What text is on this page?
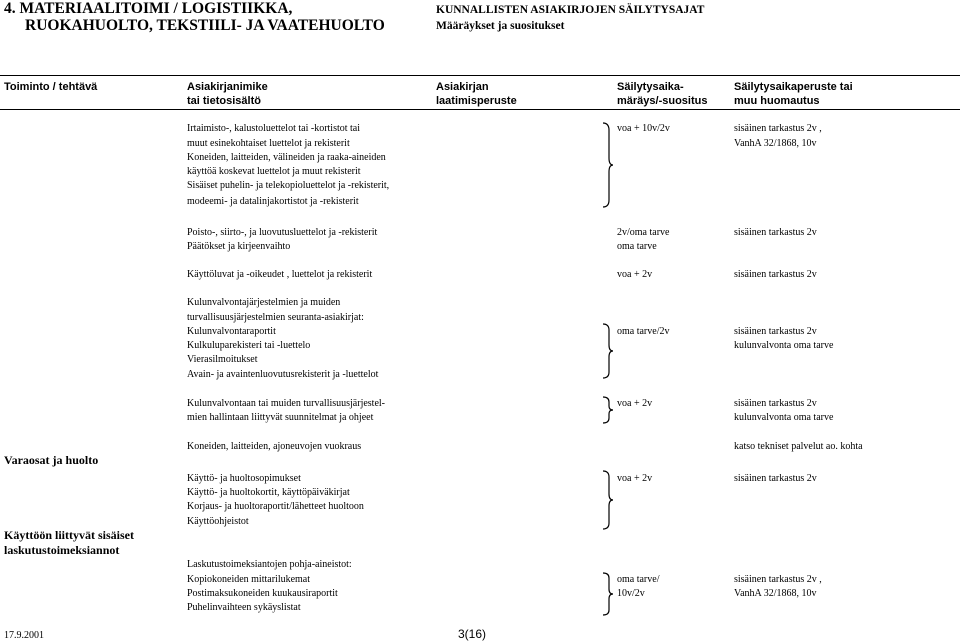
4. MATERIAALITOIMI / LOGISTIIKKA,
RUOKAHUOLTO, TEKSTIILI- JA VAATEHUOLTO
KUNNALLISTEN ASIAKIRJOJEN SÄILYTYSAJAT
Määräykset ja suositukset
Toiminto / tehtävä	Asiakirjanimike
tai tietosisältö
Asiakirjan
laatimisperuste
Säilytysaika-
märäys/-suositus
Säilytysaikaperuste tai
muu huomautus
Irtaimisto-, kalustoluettelot tai -kortistot tai
muut esinekohtaiset luettelot ja rekisterit
Koneiden, laitteiden, välineiden ja raaka-aineiden
käyttöä koskevat luettelot ja muut rekisterit
Sisäiset puhelin- ja telekopioluettelot ja -rekisterit,
modeemi- ja datalinjakortistot ja -rekisterit
Poisto-, siirto-, ja luovutusluettelot ja -rekisterit
Päätökset ja kirjeenvaihto
Käyttöluvat ja -oikeudet , luettelot ja rekisterit
Kulunvalvontajärjestelmien ja muiden
turvallisuusjärjestelmien seuranta-asiakirjat:
Kulunvalvontaraportit
Kulkuluparekisteri tai -luettelo
Vierasilmoitukset
Avain- ja avaintenluovutusrekisterit ja -luettelot
Kulunvalvontaan tai muiden turvallisuusjärjestel-
mien hallintaan liittyvät suunnitelmat ja ohjeet
Koneiden, laitteiden, ajoneuvojen vuokraus
Käyttö- ja huoltosopimukset
Käyttö- ja huoltokortit, käyttöpäiväkirjat
Korjaus- ja huoltoraportit/lähetteet huoltoon
Käyttöohjeistot
Laskutustoimeksiantojen pohja-aineistot:
Kopiokoneiden mittarilukemat
Postimaksukoneiden kuukausiraportit
Puhelinvaihteen sykäyslistat
voa + 10v/2v
2v/oma tarve
oma tarve
voa + 2v
oma tarve/2v
voa + 2v
voa + 2v
oma tarve/
10v/2v
sisäinen tarkastus 2v ,
VanhA 32/1868, 10v
sisäinen tarkastus 2v
sisäinen tarkastus 2v
sisäinen tarkastus 2v
kulunvalvonta oma tarve
sisäinen tarkastus 2v
kulunvalvonta oma tarve
katso tekniset palvelut ao. kohta
sisäinen tarkastus 2v
sisäinen tarkastus 2v ,
VanhA 32/1868, 10v
Varaosat ja huolto
Käyttöön liittyvät sisäiset
laskutustoimeksiannot
17.9.2001	3(16)
